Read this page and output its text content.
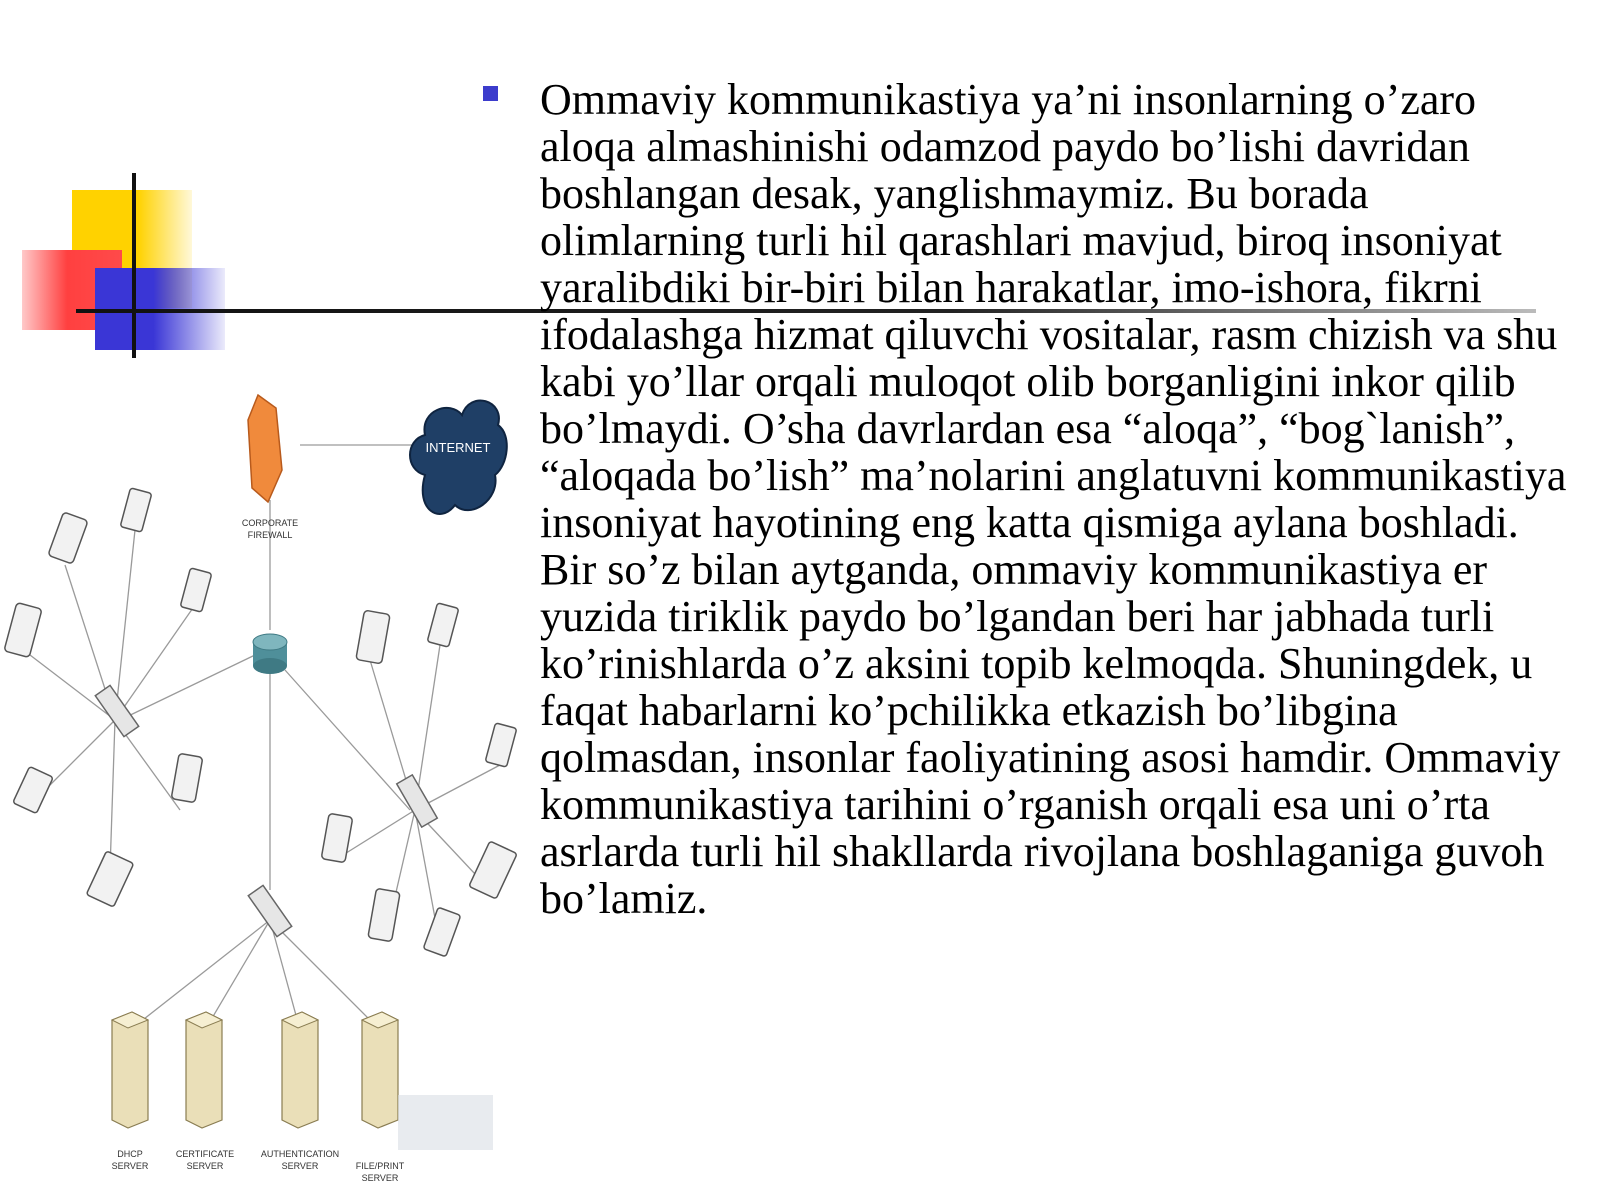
Ommaviy kommunikastiya ya’ni insonlarning o’zaro aloqa almashinishi odamzod paydo bo’lishi davridan boshlangan desak, yanglishmaymiz. Bu borada olimlarning turli hil qarashlari mavjud, biroq insoniyat yaralibdiki bir-biri bilan harakatlar, imo-ishora, fikrni ifodalashga hizmat qiluvchi vositalar, rasm chizish va shu kabi yo’llar orqali muloqot olib borganligini inkor qilib bo’lmaydi. O’sha davrlardan esa “aloqa”, “bog`lanish”, “aloqada bo’lish” ma’nolarini anglatuvni kommunikastiya insoniyat hayotining eng katta qismiga aylana boshladi. Bir so’z bilan aytganda, ommaviy kommunikastiya er yuzida tiriklik paydo bo’lgandan beri har jabhada turli ko’rinishlarda o’z aksini topib kelmoqda. Shuningdek, u faqat habarlarni ko’pchilikka etkazish bo’libgina qolmasdan, insonlar faoliyatining asosi hamdir. Ommaviy kommunikastiya tarihini o’rganish orqali esa uni o’rta asrlarda turli hil shakllarda rivojlana boshlaganiga guvoh bo’lamiz.

CORPORATE
FIREWALL
INTERNET
DHCP
SERVER
CERTIFICATE
SERVER
AUTHENTICATION
SERVER	FILE/PRINT
SERVER
